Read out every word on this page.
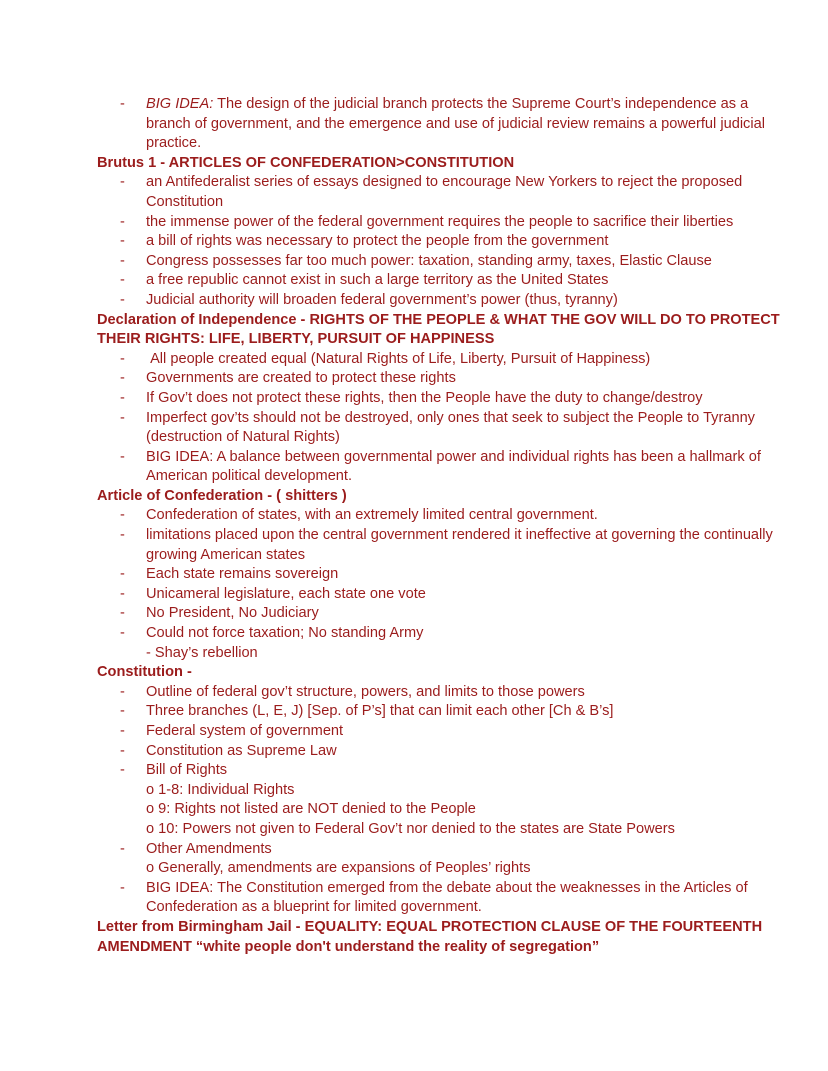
- BIG IDEA: The design of the judicial branch protects the Supreme Court’s independence as a branch of government, and the emergence and use of judicial review remains a powerful judicial practice.
Brutus 1 - ARTICLES OF CONFEDERATION>CONSTITUTION
- an Antifederalist series of essays designed to encourage New Yorkers to reject the proposed Constitution
- the immense power of the federal government requires the people to sacrifice their liberties
- a bill of rights was necessary to protect the people from the government
- Congress possesses far too much power: taxation, standing army, taxes, Elastic Clause
- a free republic cannot exist in such a large territory as the United States
- Judicial authority will broaden federal government’s power (thus, tyranny)
Declaration of Independence - RIGHTS OF THE PEOPLE & WHAT THE GOV WILL DO TO PROTECT THEIR RIGHTS: LIFE, LIBERTY, PURSUIT OF HAPPINESS
- All people created equal (Natural Rights of Life, Liberty, Pursuit of Happiness)
- Governments are created to protect these rights
- If Gov’t does not protect these rights, then the People have the duty to change/destroy
- Imperfect gov’ts should not be destroyed, only ones that seek to subject the People to Tyranny (destruction of Natural Rights)
- BIG IDEA: A balance between governmental power and individual rights has been a hallmark of American political development.
Article of Confederation - ( shitters )
- Confederation of states, with an extremely limited central government.
- limitations placed upon the central government rendered it ineffective at governing the continually growing American states
- Each state remains sovereign
- Unicameral legislature, each state one vote
- No President, No Judiciary
- Could not force taxation; No standing Army
- Shay’s rebellion
Constitution -
- Outline of federal gov’t structure, powers, and limits to those powers
- Three branches (L, E, J) [Sep. of P’s] that can limit each other [Ch & B’s]
- Federal system of government
- Constitution as Supreme Law
- Bill of Rights
o 1-8: Individual Rights
o 9: Rights not listed are NOT denied to the People
o 10: Powers not given to Federal Gov’t nor denied to the states are State Powers
- Other Amendments
o Generally, amendments are expansions of Peoples’ rights
- BIG IDEA: The Constitution emerged from the debate about the weaknesses in the Articles of Confederation as a blueprint for limited government.
Letter from Birmingham Jail - EQUALITY: EQUAL PROTECTION CLAUSE OF THE FOURTEENTH AMENDMENT “white people don't understand the reality of segregation”
